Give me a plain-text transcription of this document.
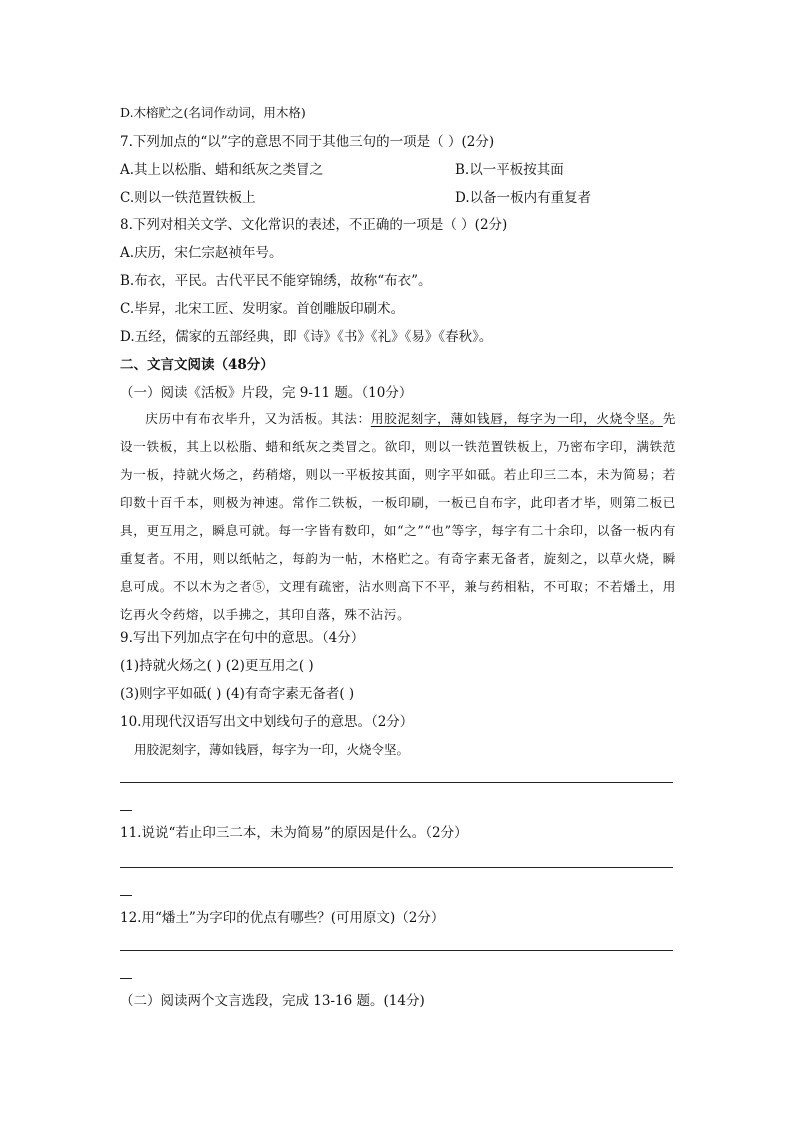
D.木榕贮之(名词作动词，用木格)
7.下列加点的“以”字的意思不同于其他三句的一项是（ ）(2分)
A.其上以松脂、蜡和纸灰之类冒之	B.以一平板按其面
C.则以一铁范置铁板上	D.以备一板内有重复者
8.下列对相关文学、文化常识的表述，不正确的一项是（ ）(2分)
A.庆历，宋仁宗赵祯年号。
B.布衣，平民。古代平民不能穿锦绣，故称“布衣”。
C.毕昇，北宋工匠、发明家。首创雕版印刷术。
D.五经，儒家的五部经典，即《诗》《书》《礼》《易》《春秋》。
二、文言文阅读（48分）
（一）阅读《活板》片段，完 9-11 题。（10分）

庆历中有布衣毕升，又为活板。其法：用胶泥刻字，薄如钱唇，每字为一印，火烧令坚。先设一铁板，其上以松脂、蜡和纸灰之类冒之。欲印，则以一铁范置铁板上，乃密布字印，满铁范为一板，持就火炀之，药稍熔，则以一平板按其面，则字平如砥。若止印三二本，未为简易；若印数十百千本，则极为神速。常作二铁板，一板印刷，一板已自布字，此印者才毕，则第二板已具，更互用之，瞬息可就。每一字皆有数印，如“之”“也”等字，每字有二十余印，以备一板内有重复者。不用，则以纸帖之，每韵为一帖，木格贮之。有奇字素无备者，旋刻之，以草火烧，瞬息可成。不以木为之者⑤，文理有疏密，沾水则高下不平，兼与药相粘，不可取；不若燔土，用讫再火令药熔，以手拂之，其印自落，殊不沾污。

9.写出下列加点字在句中的意思。（4分）
(1)持就火炀之( ) (2)更互用之( )
(3)则字平如砥( ) (4)有奇字素无备者( )
10.用现代汉语写出文中划线句子的意思。（2分）
用胶泥刻字，薄如钱唇，每字为一印，火烧令坚。
11.说说“若止印三二本，未为简易”的原因是什么。（2分）
12.用“燔土”为字印的优点有哪些？(可用原文)（2分）
（二）阅读两个文言选段，完成 13-16 题。(14分)
